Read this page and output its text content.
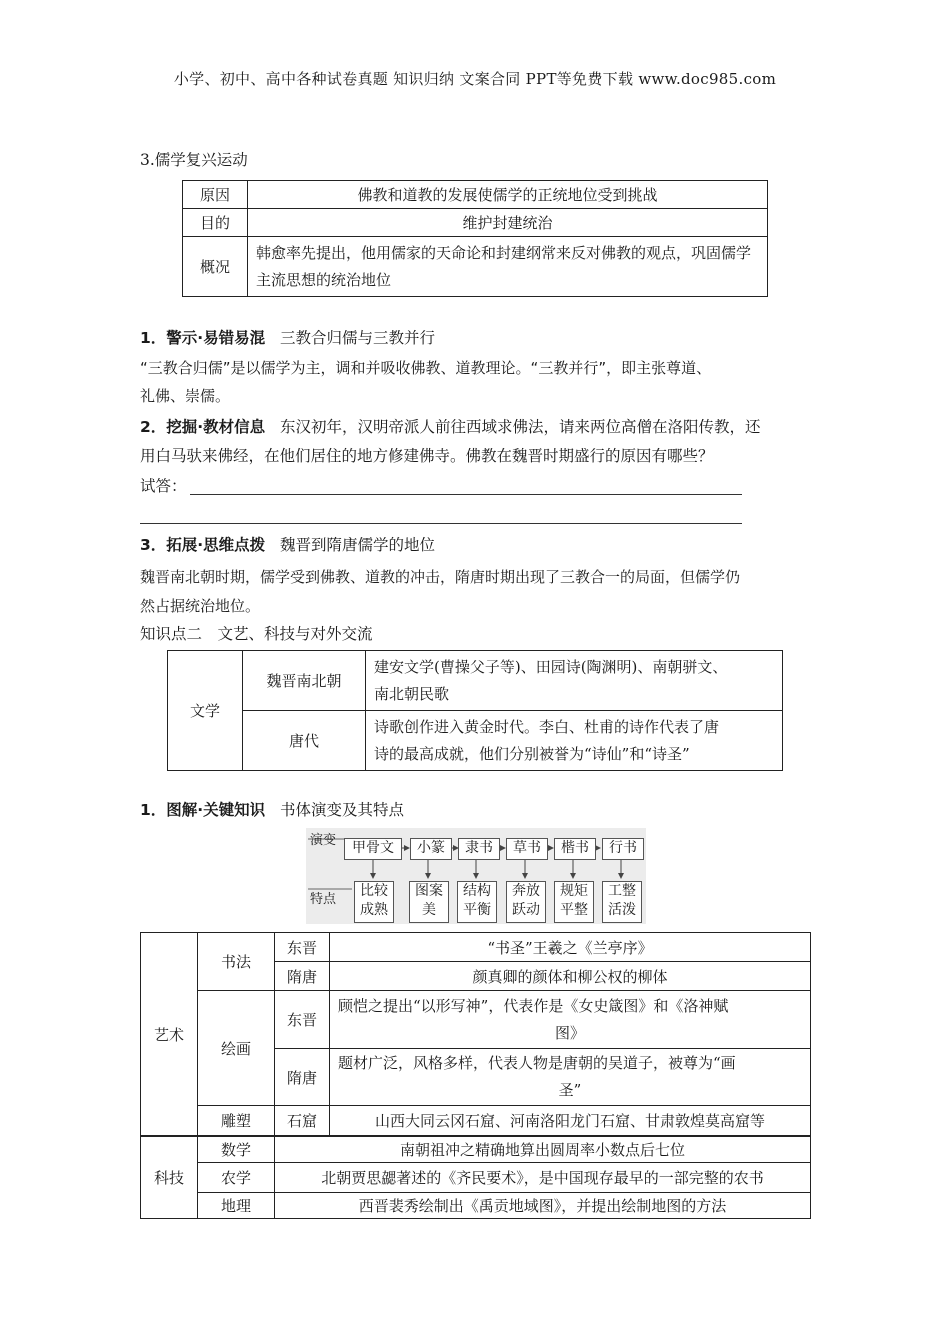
小学、初中、高中各种试卷真题 知识归纳 文案合同 PPT等免费下载 www.doc985.com
3.儒学复兴运动
原因	佛教和道教的发展使儒学的正统地位受到挑战
目的	维护封建统治
概况	韩愈率先提出，他用儒家的天命论和封建纲常来反对佛教的观点，巩固儒学主流思想的统治地位
1．警示·易错易混 三教合归儒与三教并行
“三教合归儒”是以儒学为主，调和并吸收佛教、道教理论。“三教并行”，即主张尊道、
礼佛、崇儒。
2．挖掘·教材信息 东汉初年，汉明帝派人前往西域求佛法，请来两位高僧在洛阳传教，还
用白马驮来佛经，在他们居住的地方修建佛寺。佛教在魏晋时期盛行的原因有哪些？
试答：
3．拓展·思维点拨 魏晋到隋唐儒学的地位
魏晋南北朝时期，儒学受到佛教、道教的冲击，隋唐时期出现了三教合一的局面，但儒学仍
然占据统治地位。
知识点二　文艺、科技与对外交流
文学	魏晋南北朝	建安文学(曹操父子等)、田园诗(陶渊明)、南朝骈文、
南北朝民歌

	唐代	诗歌创作进入黄金时代。李白、杜甫的诗作代表了唐
诗的最高成就，他们分别被誉为“诗仙”和“诗圣”
1．图解·关键知识 书体演变及其特点
演变
特点
甲骨文	小篆	隶书	草书	楷书	行书
比较
成熟
图案
美
结构
平衡
奔放
跃动
规矩
平整
工整
活泼
艺术	书法	东晋	“书圣”王羲之《兰亭序》
		隋唐	颜真卿的颜体和柳公权的柳体
	绘画	东晋	顾恺之提出“以形写神”，代表作是《女史箴图》和《洛神赋
图》

		隋唐	题材广泛，风格多样，代表人物是唐朝的吴道子，被尊为“画
圣”

	雕塑	石窟	山西大同云冈石窟、河南洛阳龙门石窟、甘肃敦煌莫高窟等
科技	数学	南朝祖冲之精确地算出圆周率小数点后七位
	农学	北朝贾思勰著述的《齐民要术》，是中国现存最早的一部完整的农书
	地理	西晋裴秀绘制出《禹贡地域图》，并提出绘制地图的方法
